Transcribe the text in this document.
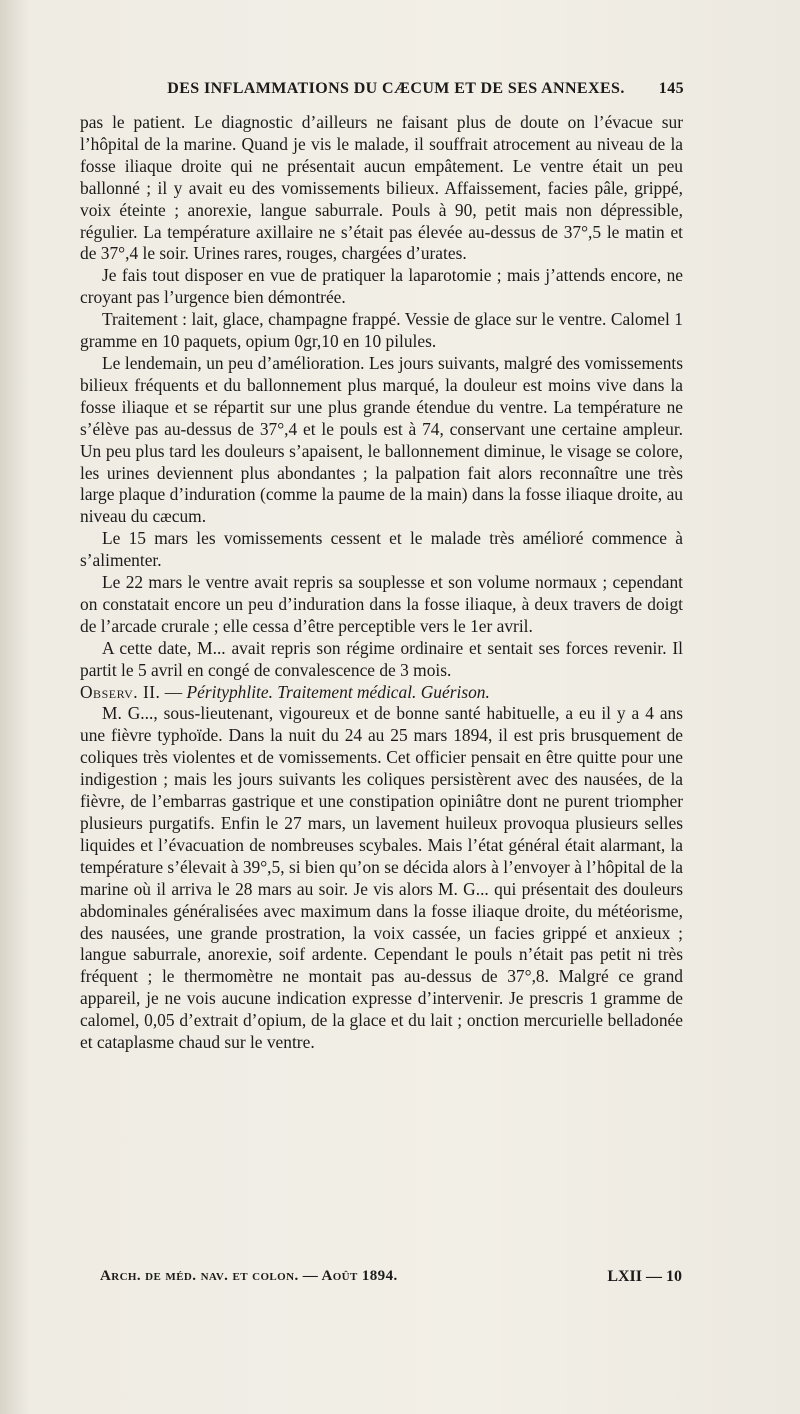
DES INFLAMMATIONS DU CÆCUM ET DE SES ANNEXES.	145

pas le patient. Le diagnostic d’ailleurs ne faisant plus de doute on l’évacue sur l’hôpital de la marine. Quand je vis le malade, il souffrait atrocement au niveau de la fosse iliaque droite qui ne présentait aucun empâtement. Le ventre était un peu ballonné ; il y avait eu des vomissements bilieux. Affaissement, facies pâle, grippé, voix éteinte ; anorexie, langue saburrale. Pouls à 90, petit mais non dépressible, régulier. La température axillaire ne s’était pas élevée au-dessus de 37°,5 le matin et de 37°,4 le soir. Urines rares, rouges, chargées d’urates.

Je fais tout disposer en vue de pratiquer la laparotomie ; mais j’attends encore, ne croyant pas l’urgence bien démontrée.

Traitement : lait, glace, champagne frappé. Vessie de glace sur le ventre. Calomel 1 gramme en 10 paquets, opium 0gr,10 en 10 pilules.

Le lendemain, un peu d’amélioration. Les jours suivants, malgré des vomissements bilieux fréquents et du ballonnement plus marqué, la douleur est moins vive dans la fosse iliaque et se répartit sur une plus grande étendue du ventre. La température ne s’élève pas au-dessus de 37°,4 et le pouls est à 74, conservant une certaine ampleur. Un peu plus tard les douleurs s’apaisent, le ballonnement diminue, le visage se colore, les urines deviennent plus abondantes ; la palpation fait alors reconnaître une très large plaque d’induration (comme la paume de la main) dans la fosse iliaque droite, au niveau du cæcum.

Le 15 mars les vomissements cessent et le malade très amélioré commence à s’alimenter.

Le 22 mars le ventre avait repris sa souplesse et son volume normaux ; cependant on constatait encore un peu d’induration dans la fosse iliaque, à deux travers de doigt de l’arcade crurale ; elle cessa d’être perceptible vers le 1er avril.

A cette date, M... avait repris son régime ordinaire et sentait ses forces revenir. Il partit le 5 avril en congé de convalescence de 3 mois.

Observ. II. — Pérityphlite. Traitement médical. Guérison.

M. G..., sous-lieutenant, vigoureux et de bonne santé habituelle, a eu il y a 4 ans une fièvre typhoïde. Dans la nuit du 24 au 25 mars 1894, il est pris brusquement de coliques très violentes et de vomissements. Cet officier pensait en être quitte pour une indigestion ; mais les jours suivants les coliques persistèrent avec des nausées, de la fièvre, de l’embarras gastrique et une constipation opiniâtre dont ne purent triompher plusieurs purgatifs. Enfin le 27 mars, un lavement huileux provoqua plusieurs selles liquides et l’évacuation de nombreuses scybales. Mais l’état général était alarmant, la température s’élevait à 39°,5, si bien qu’on se décida alors à l’envoyer à l’hôpital de la marine où il arriva le 28 mars au soir. Je vis alors M. G... qui présentait des douleurs abdominales généralisées avec maximum dans la fosse iliaque droite, du météorisme, des nausées, une grande prostration, la voix cassée, un facies grippé et anxieux ; langue saburrale, anorexie, soif ardente. Cependant le pouls n’était pas petit ni très fréquent ; le thermomètre ne montait pas au-dessus de 37°,8. Malgré ce grand appareil, je ne vois aucune indication expresse d’intervenir. Je prescris 1 gramme de calomel, 0,05 d’extrait d’opium, de la glace et du lait ; onction mercurielle belladonée et cataplasme chaud sur le ventre.

Arch. de méd. nav. et colon. — Août 1894.	LXII — 10
